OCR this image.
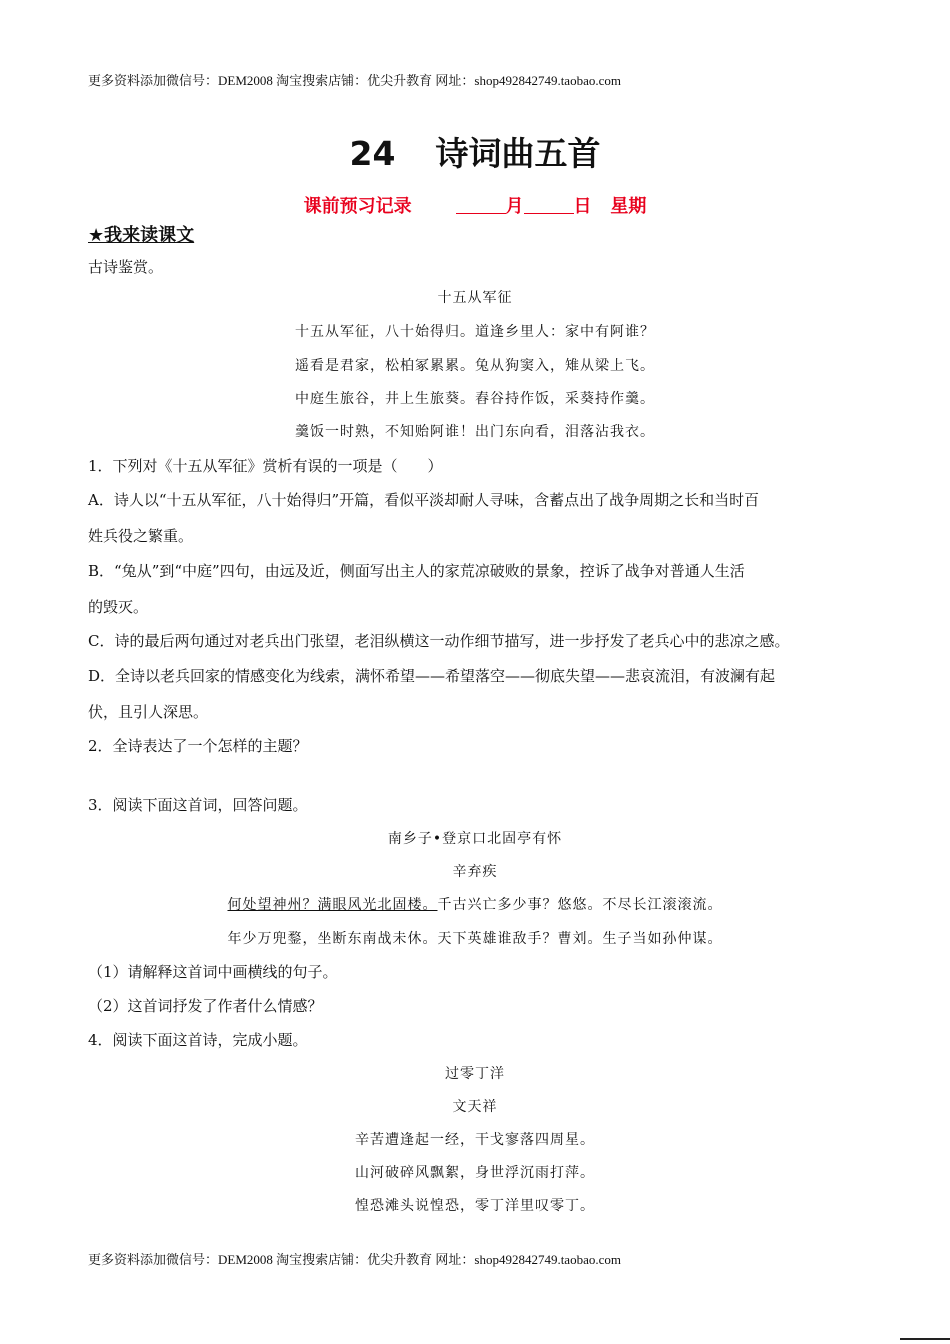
更多资料添加微信号：DEM2008 淘宝搜索店铺：优尖升教育 网址：shop492842749.taobao.com
24 诗词曲五首
课前预习记录	月	日 星期
★我来读课文
古诗鉴赏。
十五从军征
十五从军征，八十始得归。道逢乡里人：家中有阿谁？
遥看是君家，松柏冢累累。兔从狗窦入，雉从梁上飞。
中庭生旅谷，井上生旅葵。舂谷持作饭，采葵持作羹。
羹饭一时熟，不知贻阿谁！出门东向看，泪落沾我衣。
1．下列对《十五从军征》赏析有误的一项是（　　）
A．诗人以“十五从军征，八十始得归”开篇，看似平淡却耐人寻味，含蓄点出了战争周期之长和当时百
姓兵役之繁重。
B．“兔从”到“中庭”四句，由远及近，侧面写出主人的家荒凉破败的景象，控诉了战争对普通人生活
的毁灭。
C．诗的最后两句通过对老兵出门张望，老泪纵横这一动作细节描写，进一步抒发了老兵心中的悲凉之感。
D．全诗以老兵回家的情感变化为线索，满怀希望——希望落空——彻底失望——悲哀流泪，有波澜有起
伏，且引人深思。
2．全诗表达了一个怎样的主题？
3．阅读下面这首词，回答问题。
南乡子•登京口北固亭有怀
辛弃疾
何处望神州？满眼风光北固楼。千古兴亡多少事？悠悠。不尽长江滚滚流。
年少万兜鍪，坐断东南战未休。天下英雄谁敌手？曹刘。生子当如孙仲谋。
（1）请解释这首词中画横线的句子。
（2）这首词抒发了作者什么情感？
4．阅读下面这首诗，完成小题。
过零丁洋
文天祥
辛苦遭逢起一经，干戈寥落四周星。
山河破碎风飘絮，身世浮沉雨打萍。
惶恐滩头说惶恐，零丁洋里叹零丁。
更多资料添加微信号：DEM2008 淘宝搜索店铺：优尖升教育 网址：shop492842749.taobao.com
